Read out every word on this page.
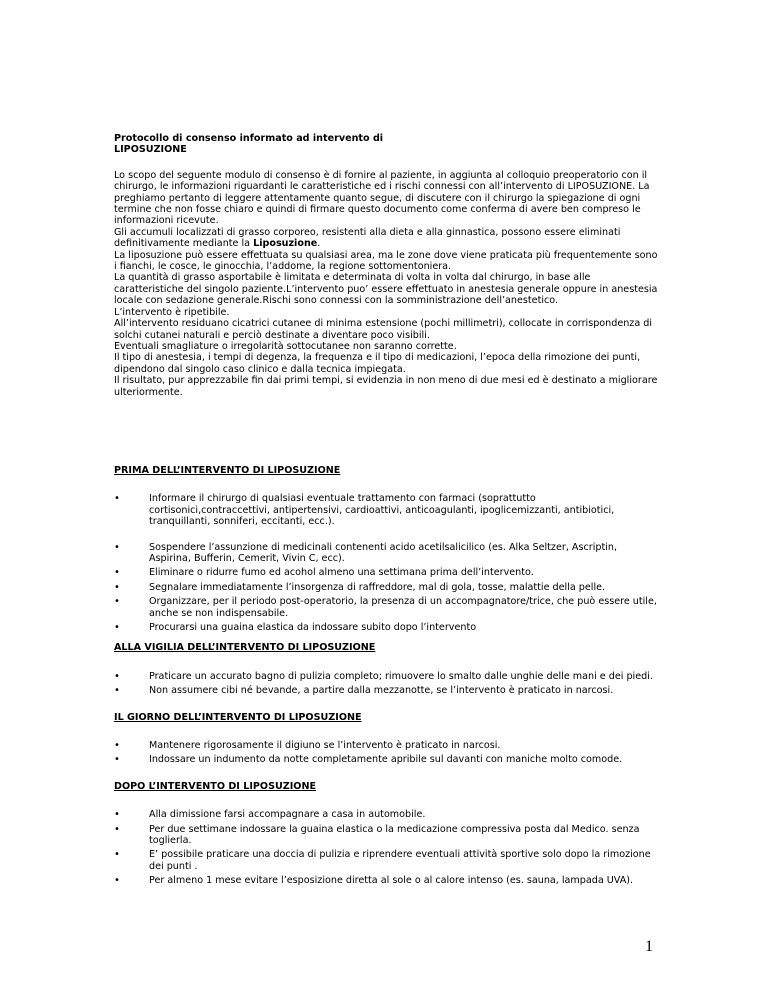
Protocollo di consenso informato ad intervento di
LIPOSUZIONE

Lo scopo del seguente modulo di consenso è di fornire al paziente, in aggiunta al colloquio preoperatorio con il chirurgo, le informazioni riguardanti le caratteristiche ed i rischi connessi con all’intervento di LIPOSUZIONE. La preghiamo pertanto di leggere attentamente quanto segue, di discutere con il chirurgo la spiegazione di ogni termine che non fosse chiaro e quindi di firmare questo documento come conferma di avere ben compreso le informazioni ricevute.

Gli accumuli localizzati di grasso corporeo, resistenti alla dieta e alla ginnastica, possono essere eliminati definitivamente mediante la Liposuzione.

La liposuzione può essere effettuata su qualsiasi area, ma le zone dove viene praticata più frequentemente sono i fianchi, le cosce, le ginocchia, l’addome, la regione sottomentoniera.

La quantità di grasso asportabile è limitata e determinata di volta in volta dal chirurgo, in base alle caratteristiche del singolo paziente.L’intervento puo’ essere effettuato in anestesia generale oppure in anestesia locale con sedazione generale.Rischi sono connessi con la somministrazione dell’anestetico.

L’intervento è ripetibile.

All’intervento residuano cicatrici cutanee di minima estensione (pochi millimetri), collocate in corrispondenza di solchi cutanei naturali e perciò destinate a diventare poco visibili.

Eventuali smagliature o irregolarità sottocutanee non saranno corrette.

Il tipo di anestesia, i tempi di degenza, la frequenza e il tipo di medicazioni, l’epoca della rimozione dei punti, dipendono dal singolo caso clinico e dalla tecnica impiegata.

Il risultato, pur apprezzabile fin dai primi tempi, si evidenzia in non meno di due mesi ed è destinato a migliorare ulteriormente.

PRIMA DELL’INTERVENTO DI LIPOSUZIONE
•	Informare il chirurgo di qualsiasi eventuale trattamento con farmaci (soprattutto cortisonici,contraccettivi, antipertensivi, cardioattivi, anticoagulanti, ipoglicemizzanti, antibiotici, tranquillanti, sonniferi, eccitanti, ecc.).
•	Sospendere l’assunzione di medicinali contenenti acido acetilsalicilico (es. Alka Seltzer, Ascriptin, Aspirina, Bufferin, Cemerit, Vivin C, ecc).
•	Eliminare o ridurre fumo ed acohol almeno una settimana prima dell’intervento.
•	Segnalare immediatamente l’insorgenza di raffreddore, mal di gola, tosse, malattie della pelle.
•	Organizzare, per il periodo post-operatorio, la presenza di un accompagnatore/trice, che può essere utile, anche se non indispensabile.
•	Procurarsi una guaina elastica da indossare subito dopo l’intervento
ALLA VIGILIA DELL’INTERVENTO DI LIPOSUZIONE
•	Praticare un accurato bagno di pulizia completo; rimuovere lo smalto dalle unghie delle mani e dei piedi.
•	Non assumere cibi né bevande, a partire dalla mezzanotte, se l’intervento è praticato in narcosi.
IL GIORNO DELL’INTERVENTO DI LIPOSUZIONE
•	Mantenere rigorosamente il digiuno se l’intervento è praticato in narcosi.
•	Indossare un indumento da notte completamente apribile sul davanti con maniche molto comode.
DOPO L’INTERVENTO DI LIPOSUZIONE
•	Alla dimissione farsi accompagnare a casa in automobile.
•	Per due settimane indossare la guaina elastica o la medicazione compressiva posta dal Medico. senza toglierla.
•	E’ possibile praticare una doccia di pulizia e riprendere eventuali attività sportive solo dopo la rimozione dei punti .
•	Per almeno 1 mese evitare l’esposizione diretta al sole o al calore intenso (es. sauna, lampada UVA).
1
